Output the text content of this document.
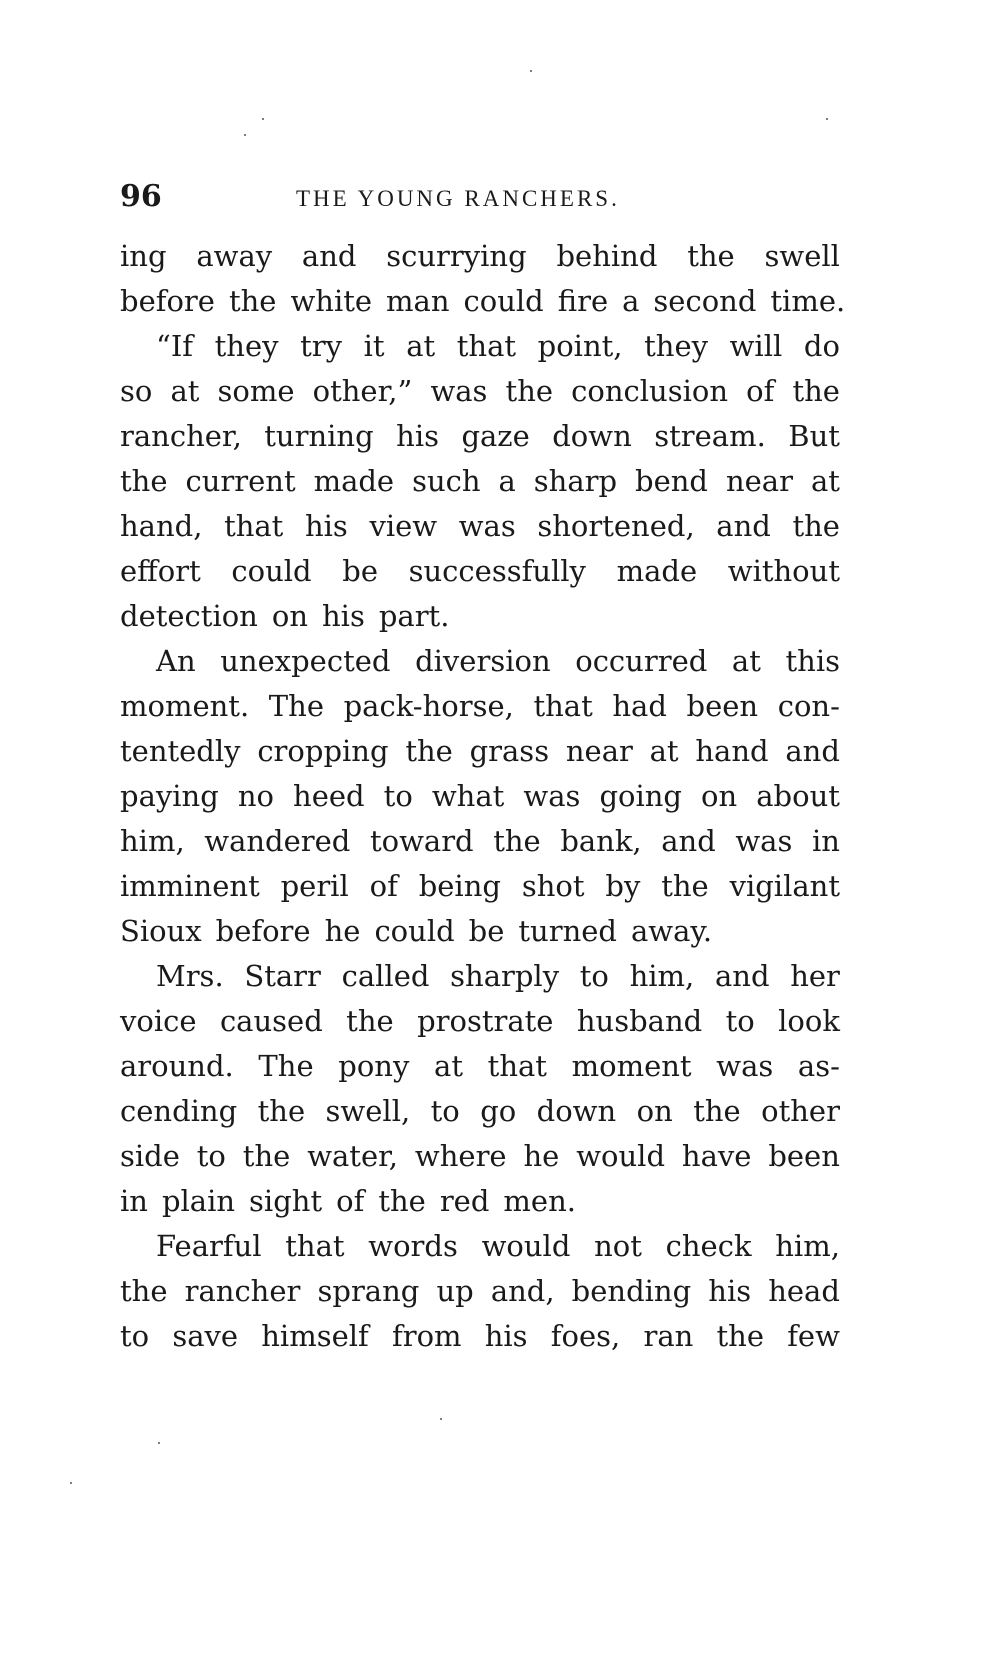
96	THE YOUNG RANCHERS.
ing away and scurrying behind the swell
before the white man could fire a second time.
“If they try it at that point, they will do
so at some other,” was the conclusion of the
rancher, turning his gaze down stream. But
the current made such a sharp bend near at
hand, that his view was shortened, and the
effort could be successfully made without
detection on his part.
An unexpected diversion occurred at this
moment. The pack-horse, that had been con-
tentedly cropping the grass near at hand and
paying no heed to what was going on about
him, wandered toward the bank, and was in
imminent peril of being shot by the vigilant
Sioux before he could be turned away.
Mrs. Starr called sharply to him, and her
voice caused the prostrate husband to look
around. The pony at that moment was as-
cending the swell, to go down on the other
side to the water, where he would have been
in plain sight of the red men.
Fearful that words would not check him,
the rancher sprang up and, bending his head
to save himself from his foes, ran the few
